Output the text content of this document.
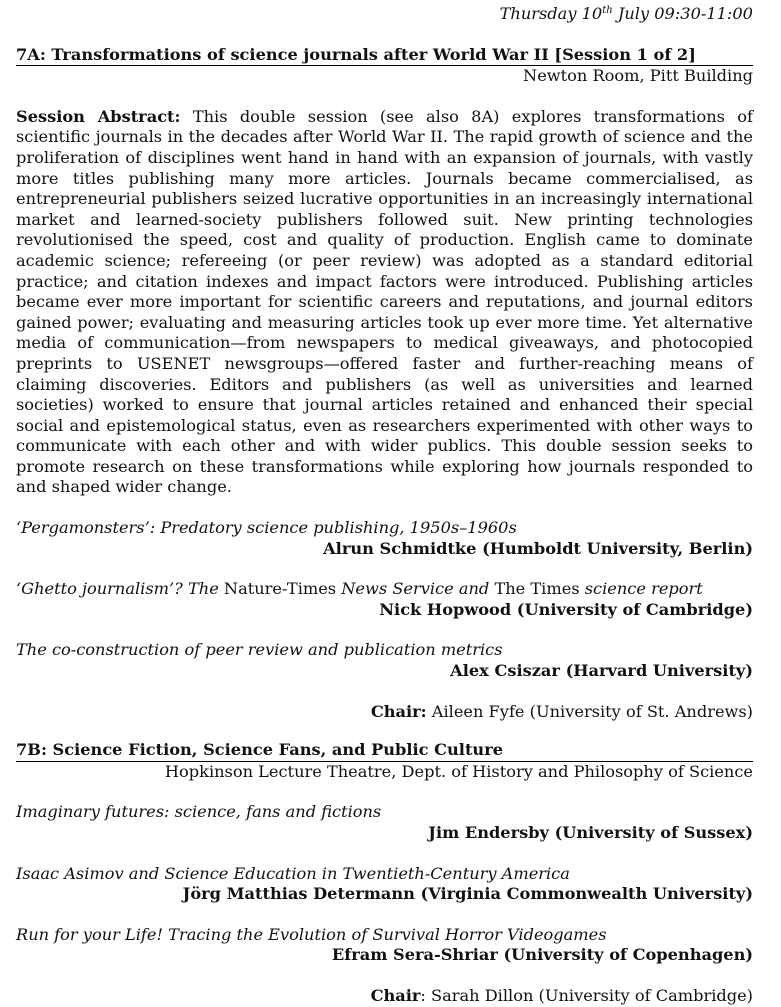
Thursday 10th July 09:30-11:00
7A: Transformations of science journals after World War II [Session 1 of 2]
Newton Room, Pitt Building
Session Abstract: This double session (see also 8A) explores transformations of scientific journals in the decades after World War II. The rapid growth of science and the proliferation of disciplines went hand in hand with an expansion of journals, with vastly more titles publishing many more articles. Journals became commercialised, as entrepreneurial publishers seized lucrative opportunities in an increasingly international market and learned-society publishers followed suit. New printing technologies revolutionised the speed, cost and quality of production. English came to dominate academic science; refereeing (or peer review) was adopted as a standard editorial practice; and citation indexes and impact factors were introduced. Publishing articles became ever more important for scientific careers and reputations, and journal editors gained power; evaluating and measuring articles took up ever more time. Yet alternative media of communication—from newspapers to medical giveaways, and photocopied preprints to USENET newsgroups—offered faster and further-reaching means of claiming discoveries. Editors and publishers (as well as universities and learned societies) worked to ensure that journal articles retained and enhanced their special social and epistemological status, even as researchers experimented with other ways to communicate with each other and with wider publics. This double session seeks to promote research on these transformations while exploring how journals responded to and shaped wider change.
‘Pergamonsters’: Predatory science publishing, 1950s–1960s
Alrun Schmidtke (Humboldt University, Berlin)
‘Ghetto journalism’? The Nature-Times News Service and The Times science report
Nick Hopwood (University of Cambridge)
The co-construction of peer review and publication metrics
Alex Csiszar (Harvard University)
Chair: Aileen Fyfe (University of St. Andrews)
7B: Science Fiction, Science Fans, and Public Culture
Hopkinson Lecture Theatre, Dept. of History and Philosophy of Science
Imaginary futures: science, fans and fictions
Jim Endersby (University of Sussex)
Isaac Asimov and Science Education in Twentieth-Century America
Jörg Matthias Determann (Virginia Commonwealth University)
Run for your Life! Tracing the Evolution of Survival Horror Videogames
Efram Sera-Shriar (University of Copenhagen)
Chair: Sarah Dillon (University of Cambridge)
